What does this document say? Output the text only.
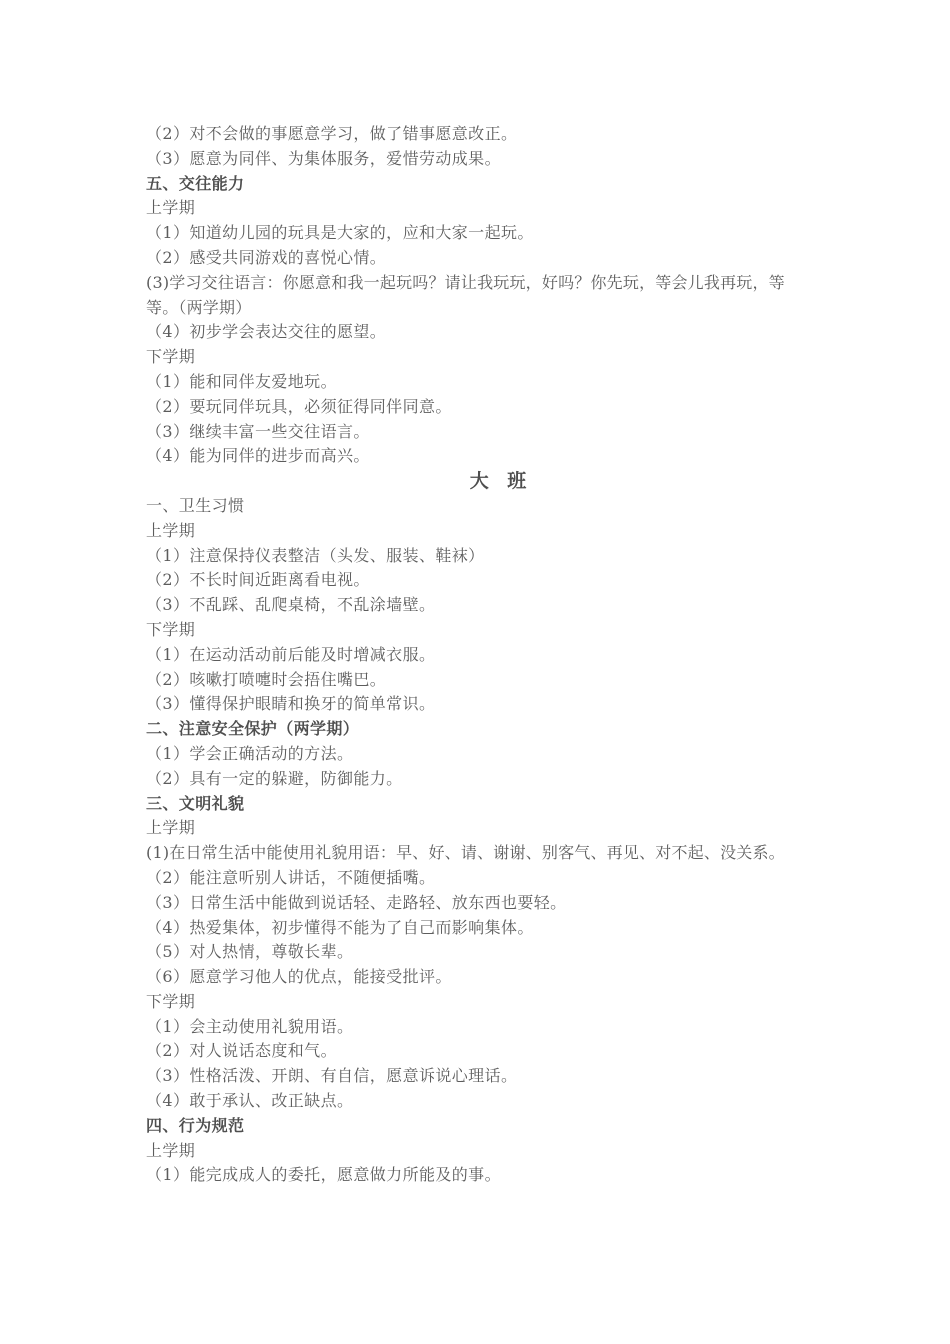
（2）对不会做的事愿意学习，做了错事愿意改正。
（3）愿意为同伴、为集体服务，爱惜劳动成果。
五、交往能力
上学期
（1）知道幼儿园的玩具是大家的，应和大家一起玩。
（2）感受共同游戏的喜悦心情。
(3)学习交往语言：你愿意和我一起玩吗？请让我玩玩，好吗？你先玩，等会儿我再玩，等等。（两学期）
（4）初步学会表达交往的愿望。
下学期
（1）能和同伴友爱地玩。
（2）要玩同伴玩具，必须征得同伴同意。
（3）继续丰富一些交往语言。
（4）能为同伴的进步而高兴。
大 班
一、卫生习惯
上学期
（1）注意保持仪表整洁（头发、服装、鞋袜）
（2）不长时间近距离看电视。
（3）不乱踩、乱爬桌椅，不乱涂墙壁。
下学期
（1）在运动活动前后能及时增减衣服。
（2）咳嗽打喷嚏时会捂住嘴巴。
（3）懂得保护眼睛和换牙的简单常识。
二、注意安全保护（两学期）
（1）学会正确活动的方法。
（2）具有一定的躲避，防御能力。
三、文明礼貌
上学期
(1)在日常生活中能使用礼貌用语：早、好、请、谢谢、别客气、再见、对不起、没关系。
（2）能注意听别人讲话，不随便插嘴。
（3）日常生活中能做到说话轻、走路轻、放东西也要轻。
（4）热爱集体，初步懂得不能为了自己而影响集体。
（5）对人热情，尊敬长辈。
（6）愿意学习他人的优点，能接受批评。
下学期
（1）会主动使用礼貌用语。
（2）对人说话态度和气。
（3）性格活泼、开朗、有自信，愿意诉说心理话。
（4）敢于承认、改正缺点。
四、行为规范
上学期
（1）能完成成人的委托，愿意做力所能及的事。
